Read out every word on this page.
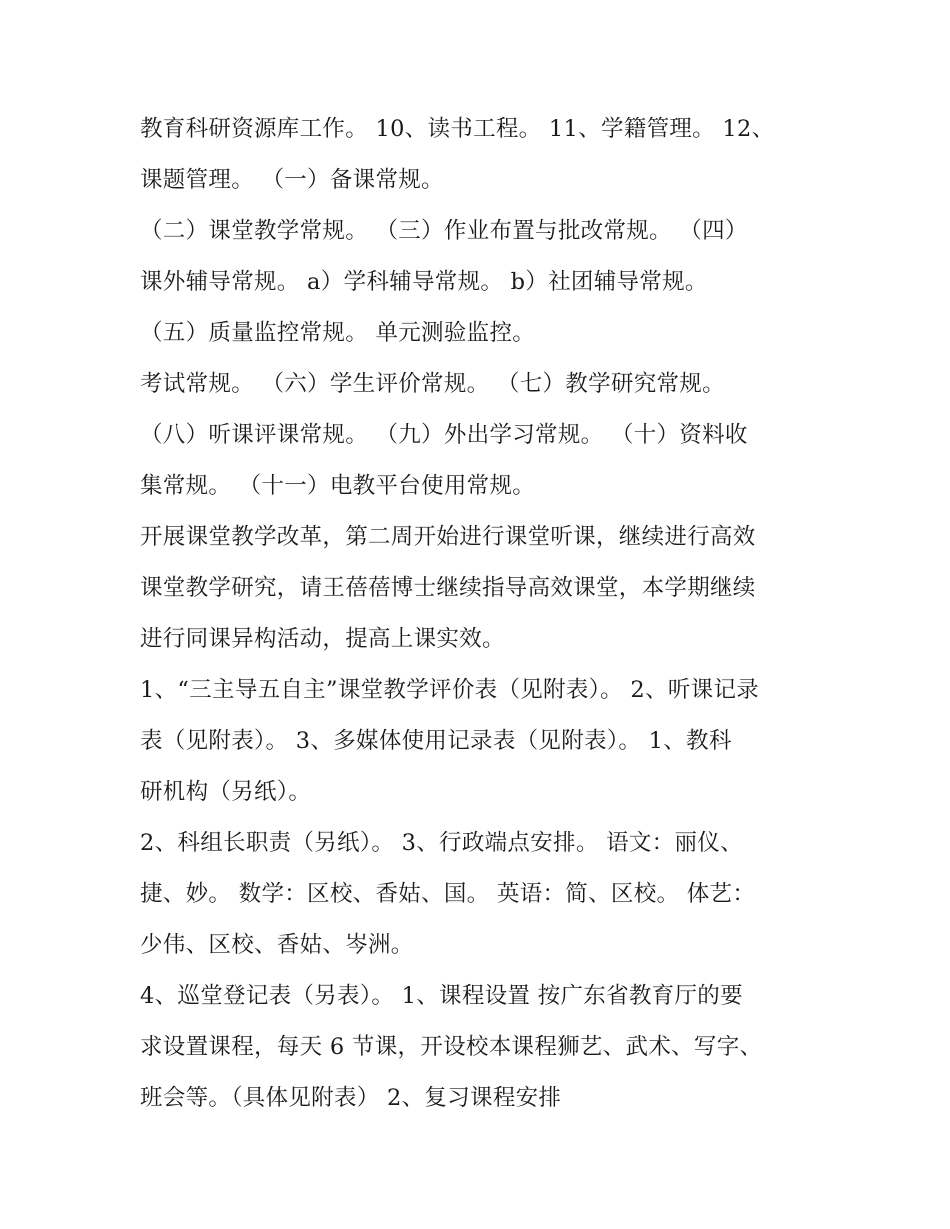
教育科研资源库工作。 10、读书工程。 11、学籍管理。 12、
课题管理。 （一）备课常规。
（二）课堂教学常规。 （三）作业布置与批改常规。 （四）
课外辅导常规。 a）学科辅导常规。 b）社团辅导常规。
（五）质量监控常规。 单元测验监控。
考试常规。 （六）学生评价常规。 （七）教学研究常规。
（八）听课评课常规。 （九）外出学习常规。 （十）资料收
集常规。 （十一）电教平台使用常规。
开展课堂教学改革，第二周开始进行课堂听课，继续进行高效
课堂教学研究，请王蓓蓓博士继续指导高效课堂，本学期继续
进行同课异构活动，提高上课实效。
1、“三主导五自主”课堂教学评价表（见附表）。 2、听课记录
表（见附表）。 3、多媒体使用记录表（见附表）。 1、教科
研机构（另纸）。
2、科组长职责（另纸）。 3、行政端点安排。 语文：丽仪、
捷、妙。 数学：区校、香姑、国。 英语：简、区校。 体艺：
少伟、区校、香姑、岑洲。
4、巡堂登记表（另表）。 1、课程设置 按广东省教育厅的要
求设置课程，每天 6 节课，开设校本课程狮艺、武术、写字、
班会等。（具体见附表） 2、复习课程安排
